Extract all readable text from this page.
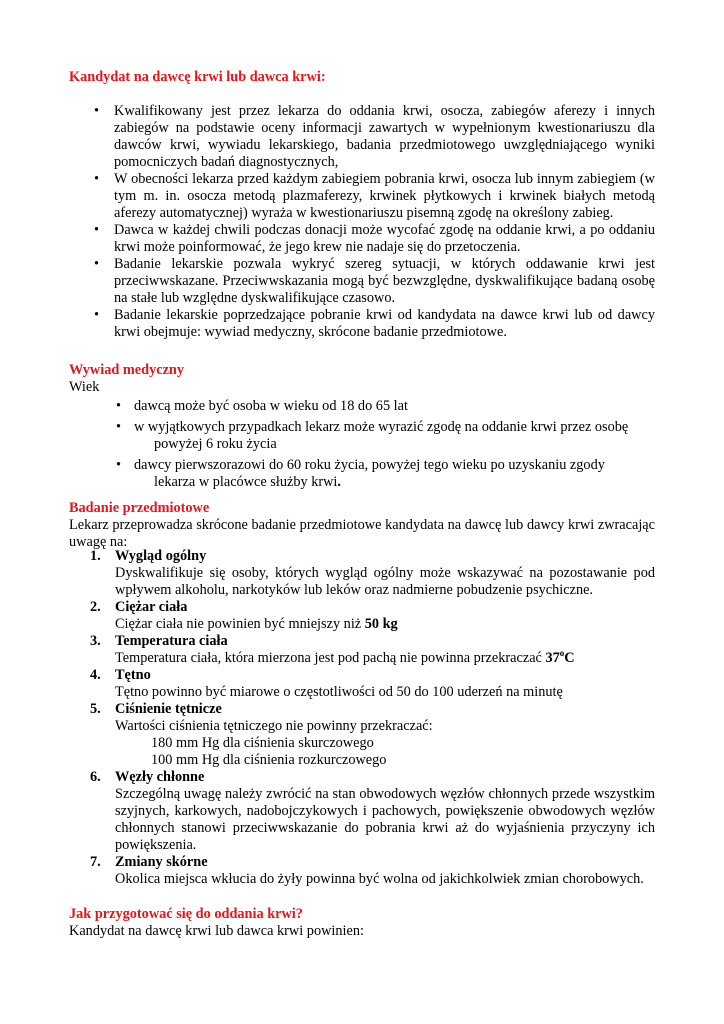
Kandydat na dawcę krwi lub dawca krwi:
• Kwalifikowany jest przez lekarza do oddania krwi, osocza, zabiegów aferezy i innych zabiegów na podstawie oceny informacji zawartych w wypełnionym kwestionariuszu dla dawców krwi, wywiadu lekarskiego, badania przedmiotowego uwzględniającego wyniki pomocniczych badań diagnostycznych,
• W obecności lekarza przed każdym zabiegiem pobrania krwi, osocza lub innym zabiegiem (w tym m. in. osocza metodą plazmaferezy, krwinek płytkowych i krwinek białych metodą aferezy automatycznej) wyraża w kwestionariuszu pisemną zgodę na określony zabieg.
• Dawca w każdej chwili podczas donacji może wycofać zgodę na oddanie krwi, a po oddaniu krwi może poinformować, że jego krew nie nadaje się do przetoczenia.
• Badanie lekarskie pozwala wykryć szereg sytuacji, w których oddawanie krwi jest przeciwwskazane. Przeciwwskazania mogą być bezwzględne, dyskwalifikujące badaną osobę na stałe lub względne dyskwalifikujące czasowo.
• Badanie lekarskie poprzedzające pobranie krwi od kandydata na dawce krwi lub od dawcy krwi obejmuje: wywiad medyczny, skrócone badanie przedmiotowe.
Wywiad medyczny

Wiek

• dawcą może być osoba w wieku od 18 do 65 lat
• w wyjątkowych przypadkach lekarz może wyrazić zgodę na oddanie krwi przez osobę
powyżej 6 roku życia
• dawcy pierwszorazowi do 60 roku życia, powyżej tego wieku po uzyskaniu zgody
lekarza w placówce służby krwi.
Badanie przedmiotowe

Lekarz przeprowadza skrócone badanie przedmiotowe kandydata na dawcę lub dawcy krwi zwracając uwagę na:

1. Wygląd ogólny
Dyskwalifikuje się osoby, których wygląd ogólny może wskazywać na pozostawanie pod wpływem alkoholu, narkotyków lub leków oraz nadmierne pobudzenie psychiczne.
2. Ciężar ciała
Ciężar ciała nie powinien być mniejszy niż 50 kg
3. Temperatura ciała
Temperatura ciała, która mierzona jest pod pachą nie powinna przekraczać 37$^o$C
4. Tętno
Tętno powinno być miarowe o częstotliwości od 50 do 100 uderzeń na minutę
5. Ciśnienie tętnicze
Wartości ciśnienia tętniczego nie powinny przekraczać:
180 mm Hg dla ciśnienia skurczowego
100 mm Hg dla ciśnienia rozkurczowego
6. Węzły chłonne
Szczególną uwagę należy zwrócić na stan obwodowych węzłów chłonnych przede wszystkim szyjnych, karkowych, nadobojczykowych i pachowych, powiększenie obwodowych węzłów chłonnych stanowi przeciwwskazanie do pobrania krwi aż do wyjaśnienia przyczyny ich powiększenia.
7. Zmiany skórne
Okolica miejsca wkłucia do żyły powinna być wolna od jakichkolwiek zmian chorobowych.
Jak przygotować się do oddania krwi?

Kandydat na dawcę krwi lub dawca krwi powinien:
